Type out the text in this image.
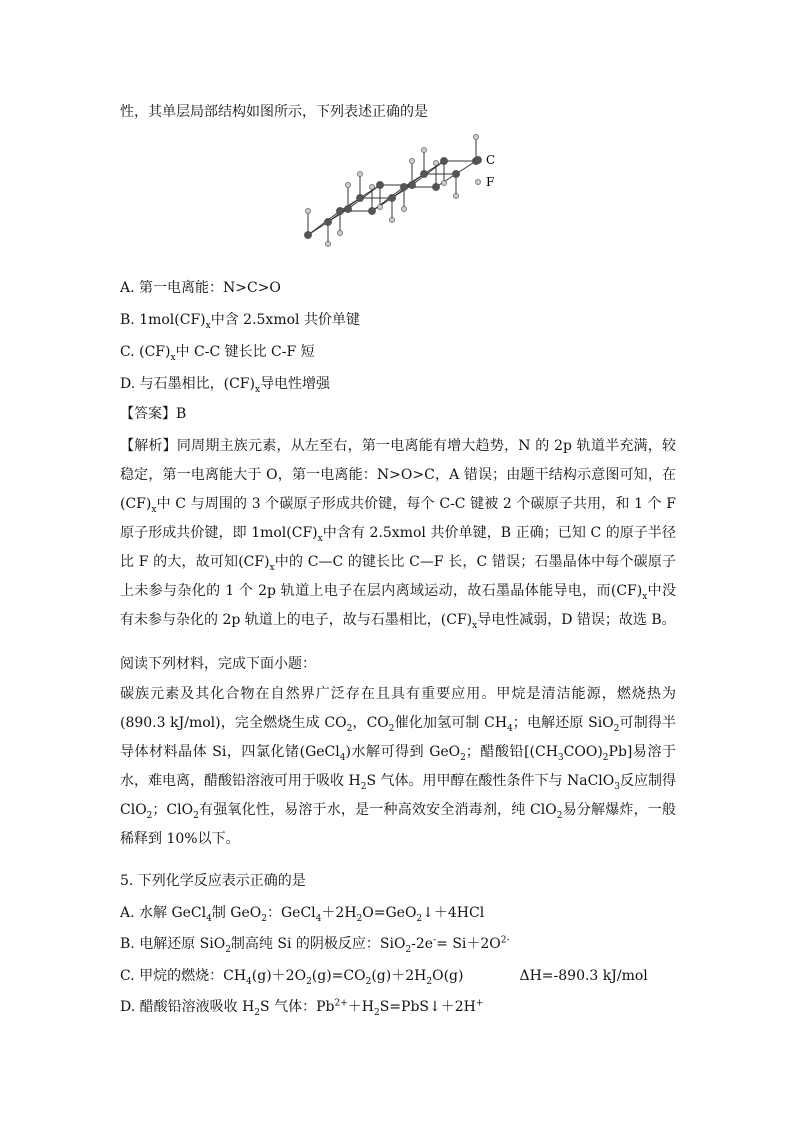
性，其单层局部结构如图所示，下列表述正确的是
C
F
A. 第一电离能：N>C>O
B. $1mol(CF)_x$中含 2.5xmol 共价单键
C. $(CF)_x$中 C-C 键长比 C-F 短
D. 与石墨相比，$(CF)_x$导电性增强
【答案】B
【解析】同周期主族元素，从左至右，第一电离能有增大趋势，N 的 2p 轨道半充满，较稳定，第一电离能大于 O，第一电离能：N>O>C，A 错误；由题干结构示意图可知，在$(CF)_x$中 C 与周围的 3 个碳原子形成共价键，每个 C-C 键被 2 个碳原子共用，和 1 个 F 原子形成共价键，即 $1mol(CF)_x$中含有 2.5xmol 共价单键，B 正确；已知 C 的原子半径比 F 的大，故可知$(CF)_x$中的 C—C 的键长比 C—F 长，C 错误；石墨晶体中每个碳原子上未参与杂化的 1 个 2p 轨道上电子在层内离域运动，故石墨晶体能导电，而$(CF)_x$中没有未参与杂化的 2p 轨道上的电子，故与石墨相比，$(CF)_x$导电性减弱，D 错误；故选 B。
阅读下列材料，完成下面小题：
碳族元素及其化合物在自然界广泛存在且具有重要应用。甲烷是清洁能源，燃烧热为(890.3 kJ/mol)，完全燃烧生成 $CO_2$，$CO_2$催化加氢可制 $CH_4$；电解还原 SiO$_2$可制得半导体材料晶体 Si，四氯化锗(GeCl$_4$)水解可得到 GeO$_2$；醋酸铅$[(CH_3COO)_2Pb]$易溶于水，难电离，醋酸铅溶液可用于吸收 $H_2S$ 气体。用甲醇在酸性条件下与 NaClO$_3$反应制得 ClO$_2$；ClO$_2$有强氧化性，易溶于水，是一种高效安全消毒剂，纯 ClO$_2$易分解爆炸，一般稀释到 10%以下。
5. 下列化学反应表示正确的是
A. 水解 GeCl$_4$制 GeO$_2$：$GeCl_4+2H_2O=GeO_2↓+4HCl$
B. 电解还原 SiO$_2$制高纯 Si 的阴极反应：$SiO_2-2e^-= Si+2O^{2-}$
C. 甲烷的燃烧：$CH_4(g)+2O_2(g)=CO_2(g)+2H_2O(g)$	ΔH=-890.3 kJ/mol
D. 醋酸铅溶液吸收 $H_2S$ 气体：$Pb^{2+}+H_2S=PbS↓+2H^+$
